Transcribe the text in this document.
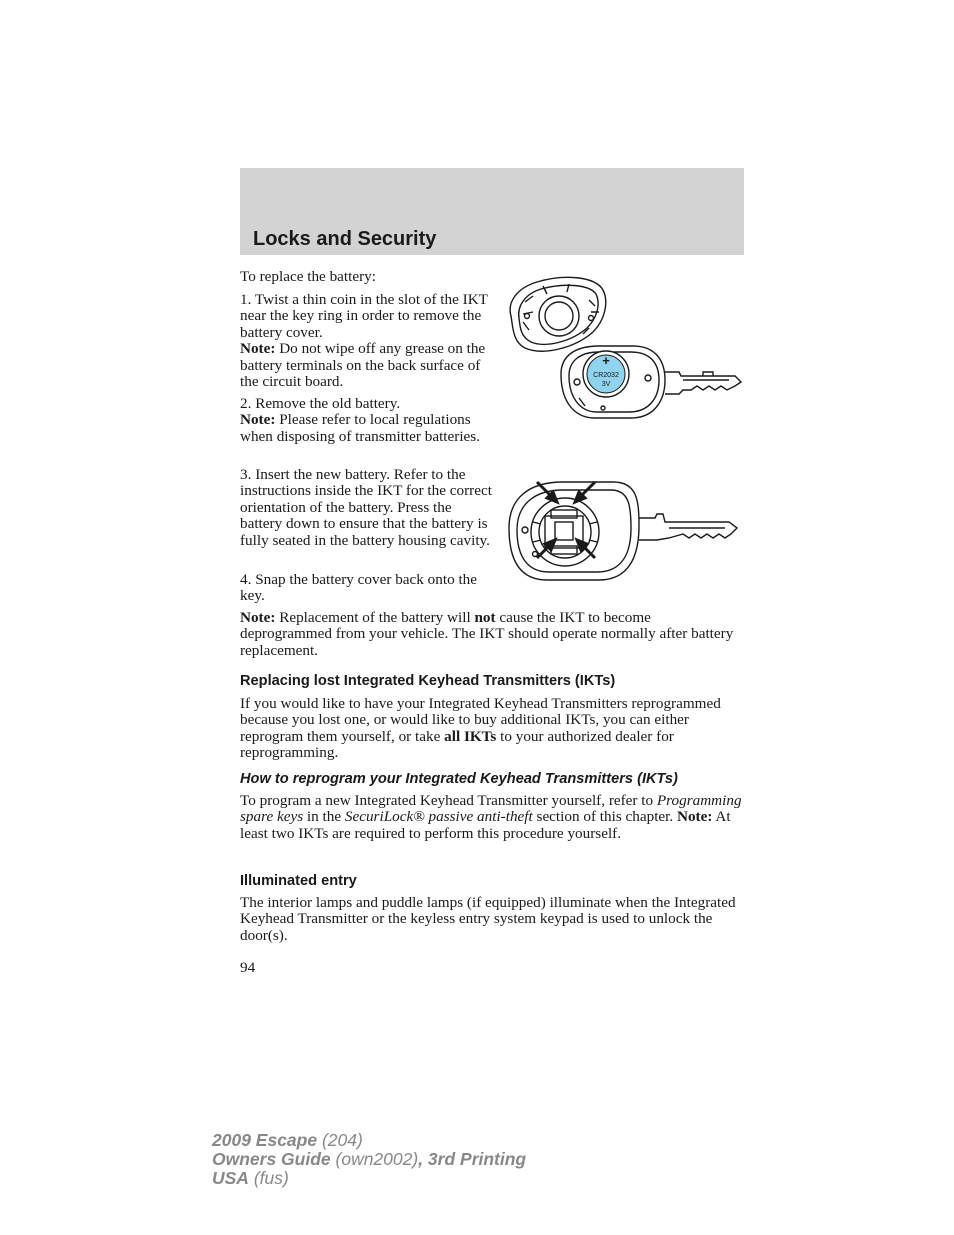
Locks and Security

To replace the battery:

1. Twist a thin coin in the slot of the IKT near the key ring in order to remove the battery cover.
Note: Do not wipe off any grease on the battery terminals on the back surface of the circuit board.

2. Remove the old battery.
Note: Please refer to local regulations when disposing of transmitter batteries.

3. Insert the new battery. Refer to the instructions inside the IKT for the correct orientation of the battery. Press the battery down to ensure that the battery is fully seated in the battery housing cavity.

4. Snap the battery cover back onto the key.

Note: Replacement of the battery will not cause the IKT to become deprogrammed from your vehicle. The IKT should operate normally after battery replacement.

+
CR2032
3V
Replacing lost Integrated Keyhead Transmitters (IKTs)

If you would like to have your Integrated Keyhead Transmitters reprogrammed because you lost one, or would like to buy additional IKTs, you can either reprogram them yourself, or take all IKTs to your authorized dealer for reprogramming.

How to reprogram your Integrated Keyhead Transmitters (IKTs)

To program a new Integrated Keyhead Transmitter yourself, refer to Programming spare keys in the SecuriLock® passive anti-theft section of this chapter. Note: At least two IKTs are required to perform this procedure yourself.

Illuminated entry

The interior lamps and puddle lamps (if equipped) illuminate when the Integrated Keyhead Transmitter or the keyless entry system keypad is used to unlock the door(s).

94
2009 Escape (204)
Owners Guide (own2002), 3rd Printing
USA (fus)
